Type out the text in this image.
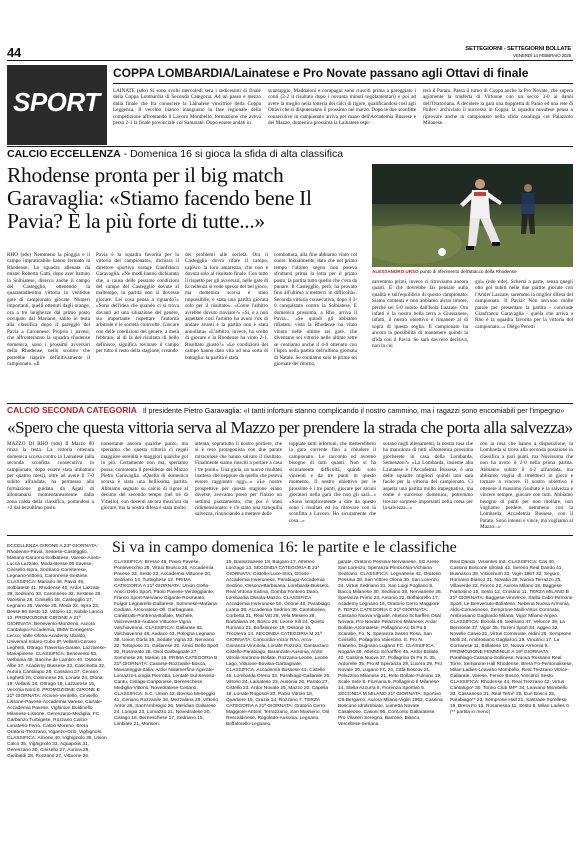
44	SETTEGIORNI - SETTEGIORNI BOLLATE
VENERDÌ 14 FEBBRAIO 2025
SPORT
COPPA LOMBARDIA/Lainatese e Pro Novate passano agli Ottavi di finale
LAINATE (sdo) Si sono svolti mercoledì sera i sedicesimi di finale della Coppa Lombardia di Seconda Categoria. Ad un passo e mezzo dalla finale che fra conoscere la Lainatese vincitrice della Coppa Leggenza. Il vecchio bianco inanguono la fase regionale della competizione affrontando il Lavoro Mombello, formazione che aveva perso 2-1 la finale provinciale col Samaratè. Dopo essere andati in
svantaggio, Maddaloni e compagni sono riusciti prima a pareggiare i conti (2-2 il risultato dopo i novanta minuti regolamentari) e poi ad avere la meglio nella lotteria dei calci di rigore, qualificandosi così agli Ottavi che si disputeranno il prossimo nel marzo. Dopo le due sconfitte consecutive in campionato arriva per mano dell'Accademia Bussese e del Mazzo, domenica prossima la Lainatese ospi-
terà il Parato. Passa il turno di Coppa anche la Pro Novate, che supera agilmente la trasferta di Vittuone con un secco 3-0 ai danni dell'Oratoriana. A decidere la gara una doppietta di Panio ed una rete di Pullev: archiviato il successo in Coppa, la squadra novatese pensa a riprovare anche in campionato nella sfida casalinga col Palazzolo Milanese.
CALCIO ECCELLENZA - Domenica 16 si gioca la sfida di alta classifica
Rhodense pronta per il big match Garavaglia: «Stiamo facendo bene Il Pavia? È la più forte di tutte...»
ALESSANDRO URSO punto di riferimento dell'attacco della Rhodense
RHO (sdo) Nemmeno la pioggia e il campo impraticabile hanno fermato la Rhodense. La squadra allenata da mister Roberto Gatti, dopo aver battuto la Solbiatese, disecca anche il campo del Castegglio, ottenendo la quarantadiesima vittoria in ventidue gare di campionato giocate. Numeri importanti, quelli ottenuti dagli orange, ora a tre lunghezze dal primo posto occupato dal Mariano, salito in testa alla classifica dopo il pareggio del Pavia a Caronnese. Proprio i pavesi, che affronteranno la squadra rhodense domenica, sono i prossimi avversari della Rhodense, nello scontro che potrebbe riaprire definitivamente il campionato. «Il
Pavia è la squadra favorita per la vittoria del campionato», dichiara il direttore sportivo orange Gianfranco Garavaglia. «Ne modi hanno dichiarato che, a causa delle pessime condizioni del campo del Castegglio dovute al maltempo, la partita non si dovesse giocare. Lei cosa pensa a riguardo?» «Sono dell'idea che quando ci si trova davanti ad una situazione del genere, sia importante rispettare l'autorità arbitrale e le società coinvolte. Giocare con delle condizioni del genere, a metà febbraio, al di là del risultato di bello definisce, significa rovinare il campo per tutto il resto della stagione, creando
dei problemi alle società. Ora il Castegglio dovrà rifare il campo, capisco la loro amarezza, che non è dovuta solo al risultato finale. Con tutto il rispetto per gli avversari, nelle gare di Eccellenza si vede spesso del bel gioco, ma domenica scorsa è stato impossibile, e stata una partita giocata solo per il risultato». «Come l'arbitro avrebbe dovuto rinviare?» «Sì, e a non aspettare così l'arbitro ha avuto l'ok di andare avanti e la partita non è stata annullata» «L'arbitro, invece, ha scelto di giocare e la Rhodense ha vinto 2-1. Risultato giusto?» «Le condizioni del campo hanno dato vita ad una sorta di battaglia: la partita è stata
combattuta, alla fine abbiamo vinto col cuore. Inizialmente, dato che nel primo tempo l'ultimo segno non poteva sfruttarsi prima la lotta per il primo posto, la partita tutto quello che c'era da punare. Il Castegglio, però, ha provato fino all'ultimo a metterci in difficoltà». Seconda vittoria consecutiva, dopo il 3-0 conquistato contro la Solbiatese. E domenica prossima, a Rho, arriva il Pavia... «Se quindi gli abbiamo rifiatato, vista la Rhodense ha vinto vinuto nelle ultime sei gare, che diventano sei vittorie nelle ultime sette se contiamo anche il 4-0 ottenuto con l'Ispra nella partita dell'ultima giornata di Natale. Se contiamo solo le prime sei giornate del ritorno,
sarremmo primi, invece ci ritroviamo ancora quarti. E che dovrebbe far pensare sulla qualità e sull'equilibrio di questo campionato. Siamo contenti e non abbiamo alcun timore, perché sei 5-0 subito dall'Isola Lazzate. Ora infatti è la nostra bella terra a Giussanese, infatti, il nostro obiettivo è rimanere al di sopra di questa soglia. Il campionato ha ancora la possibilità di mantenere quindi la sfida con il Pavia. Se sarà davvero decisiva, non in cui
gol» (nde ride). Scherzi a parte, senza quegli otto gol subiti nelle due partite giocate con l'Amler Lazzate, saremmo la miglior difesa del campionato. Il Pavia? Non servono molte parole per presentare la partita - conclude Gianfranco Garavaglia - quella che arriva a Rho è la squadra favorita per la vittoria del campionato...» Diego Perotti
CALCIO SECONDA CATEGORIA Il presidente Pietro Garavaglia: «I tanti infortuni stanno complicando il nostro cammino, ma i ragazzi sono encomiabili per l'impegno»
«Spero che questa vittoria serva al Mazzo per prendere la strada che porta alla salvezza»
MAZZO DI RHO (sdo) Il Mazzo 80 ritiza la testa. La vittoria ottenuta domenica scorsa contro la Lainatese (alla seconda sconfitta consecutiva in campionato, dopo essere stata imbattuta per quattro mesi), oltre ad avere il 7-0 subito all'andata, ha permesso alla formazione guidata da Agati di allontanarsi momentaneamente dalla zona calda della classifica, portandosi a +2 dal terzultimo posto.
nonostante ancora qualche punto, ma speriamo che questa vittoria ci regali maggiore serenità e maggiori qualche gol in più. Certamente non ma, speriamo possa, commenta il presidente del Mazzo Pietro Garavaglia. «Quella di domenica scorsa è stata una bellissima partita. Abbiamo segnato su calcio di rigore al decimo del secondo tempo (nel tre di Vitiello), con docenti ancora mezz'ora da giocare, ma la nostra difesa è stata molto
attenta, soprattutto il nostro portiere, che si è reso protagonista con due parate miracolose che hanno salvato il risultato. Finalmente siamo riusciti a portare a casa i tre punti». Una gioia, un nuovo risultato inatteso che neppure da quello che poteva essere raggiunto oggi...» «Le nostre prospettive per questa stagione erano diverse, avevamo preso per l'inizio un settimo piazzamento, che poi è stato ridimensionato; e c'è stato una tranquilla salvezza, rinunciando a mettere delle
toppiate tanti infortuni, che metterebbero la gara corrente fino a chiudere il campionato. Le racconto ed avremo bisogno di tutti quanti. Non si ha sicuramente difficoltà, quindi solo vincenti e da tre punti in questo momento. Il nostro obiettivo per le prossime è i tre punti, giocare per alcuni giocatori nella gara che non gli sarà...» «Sono semplicemente a dire da questo sono i risultati ed ha ritrovare con la sconfitta a Lavoro. Ho sicuramente che cosa...»
sorano negli allenamenti, la nostra rosa che ha mancanza di tutti «Domenica prossima giocherete in casa della Lombarda, Semenzon?» «La Lombarda, insieme alla Lainatese e l'Accademia Bussese, è una delle squadre migliori quindi non sarà facile per la vittoria del campionato. Ci aspetta una partita molto impegnativa, ma come è successo domenica, potremmo trovare sorprese importanti nella corsa per la salvezza...»
con la rosa che hanno a disposizione, la Lombarda si trova alla seconda posizione in classifica a pari punti, ma Novissima che non ha avuto il 2-0 nella prima partita. Abbiamo subito il 4-2 all'andata, ma abbiamo voglia di rimetterci in gioco e tornare a vincere. Il nostro obiettivo è ottenere il massimo risultato e la salvezza e vincere sempre, giocare con tutti. Abbiamo bisogno di punti per non mollare, non vogliamo perdere, nemmeno con la Lombarda, Accademia Bussese, con il Parato. Sono intensi e vince, ma vogliamo al Mazzo...»
Si va in campo domenica 16: le partite e le classifiche
ECCELLENZA GIRONE A 23ª GIORNATA: Rhodense-Pavia, Sestese-Castegglio, Mariano-Caronno-Solbiatese, Varese-Airolo-Lucca Lazzate, Moda-Besse 96 Savese, Cinisello-Ispra, Sedriano-Corniterese, Legnano-Vittorio, Caronnese-Sestese. CLASSIFICA: Mariano 48, Pavia 45, Solbiatese 41, Rhodense 40, Ardor Lazzate 39, Sedriano 33, Caronnese 32, Sestese 29, Varesina 28, Cinisello 28, Castegglio 27, Legnano 26, Varese 26, Moda 22, Ispra 23, Besse 96 Sesto 12, Vittorio 12, Nobile Lancio 12. PROMOZIONE GIRONE A 21ª GIORNATA: Benevento-Monzeno, Aurora Cantalupo-Accademia, BMW Cenegerro-Lecco, Valle Olona-Academy Ubaldo, Universal Solaro-Cubo IP, Vellanti-Cerano Leghetti, Ottrago Traversia-Garate, Lazzarese-Mariapinese. CLASSIFICA: Benevento 53, Verbania 48, Bacche de Lambro 40, Ossona Albe 37, Academy Bussese 33, Cascinetta 32, Aurora Cantalupo 28, Cassano 27, Cerano Leghetti 26, Colonnese 25, Lonate 24, Olona 19, Vellanti 18, Ottrago 18, Lazzarese 15, Vecchia Nord 8. PROMOZIONE GIRONE B 21ª GIORNATA: Alcione-Verdello, Cinisello Lissone-Pavese-Accademia Varese, Cairate-Accademia Pavese, Vighinion Boldinello Milanese-Lissone, Gerenzano-Mediglia, FC Garbanzo Turbigese, Rozzano Calcio-Lunaterio-Ferro, Calcio Moreno, Brera Oratorio-Trezzano, Viganzo-Orio, Vighignolo. CLASSIFICA: Alcione 40, Vighignolo 36, Union Calco 35, Vighignolo 33, Aquapolis 31, Gerenzano 30, Cinisello 27, Aurora 29, Garibaldi 28, Rozzano 27, Vittuone 26.
CLASSIFICA: Bresso 48, Paolo Pavese, Pontevecchio 26, Vittuo Brusco 25, Accademia Pavese 23, Sesto 22, Accademia Vittuone 20, Sedriano 14, Turbighese 12. PRIMA CATEGORIA A 21ª GIORNATA: Union Gorla-Amici Dello Sport, Paolo Pavese-Verdeggiante, Franco Sport-Nerviano Gigante-Rosmeato, Fulgor Legnarello-Gallarese, Sommese-Mariana-Cedrate, Arconatese-Oll. Garbagnate, Canistratti-Pontrena-Bollate, Michele, Valcrevestra-Audace Vittuone-Vigna Valchiavenna. CLASSIFICA: Gallarate 62, Valchiavenna 48, Audace 43, Pologna Legnano 38, Union Gorla 36, Sedate Vigna 33, Nerviano 32, Tottoposo 31, Gallarese 30, Amici Dello Sport 30, Rosmeato 28, Osol Garbagnate 27, Sommese 26, Marian 16. PRIMA CATEGORIA B 21ª GIORNATA: Casarse-Rozzanile-Bosca, Mavianeggia-Italia, Ardor Nalamerfino-Agerate-Lomazzo-Lonigia Pierrotta, Lentate Sul Seveso-Cantu, Cislago-Cariponese, Berneschese, Mediglia-Vittorio, Novedratese-Cesano. CLASSIFICA: S.C. Union 42, Bovisio Meneggio 41, Ceriano Rozzanile 36, Mezzalana 29, Vittorio Ardor 26, Sant'Ambrogio 26, Meridian Gallarese 24, Lonigia 23, Lomazzo 21, Novedratese 20, Cislago 18, Berneschese 17, Sedriano 15, Limbiate 21, Moriseri.
15, Bareizzanese 18, Bulgaro 17, Alfetreo Lonzago 13. SECONDA CATEGORIA B 21ª GIORNATA: Cistello-Luce-Intra, Orione-Accademia Inverunese, Parabiago-Accademia Sedrino, Ossona-Barbaiana, Lombarda-Busseto, Real Vittona Sixtina, Gomba Fonteno Dario, Lombardia Ossola-Mazzo. CLASSIFICA: Accademia Inverunese 50, Orione 48, Parabiago Loana 38, Accademia Sedrino 39, Cantobolieo, Corbetta 31, Real Vitt 29, Vela Mesero 28, Barbaiana 24, Bosco 28, Leone Xill 24, Quinto Romano 21, Boffalorese 19, Ossona 16, Tricoterra 14. SECONDA CATEGORIA M 21ª GIORNATA: Concordia-Victor Rho, Arca-Gioranza-Vinnitola, Lonate Pozzolo, Cantanzaro Cistello-Parabiago, Baranzate-Ausonia, Ardor Vitrola-Saronno-Bollate, Rozzano-Leone, Leone Lago, Vittuone-Bovisia-Garbagnate. CLASSIFICA: Accademia Bussese 43, Cistello 45, Lombarda Oreno 33, Parabiago-Gallarate 26, Vittorio 24, Lainatese 23, Ausonia 26, Parato 27, Cistello 23, Ardor Novate 25, Mazzo 20, Capella 19, Lonate Rogosoli 20, Paolo Vitrolo 18, Quartiere 15, Grazia 14, Rozzano 7. TERZA CATEGORIA A 21ª GIORNATA: Oratorio Cerro Maggiore-Antoni, Terrazzano, San Masseno, Osl Rescaldinese, Rogoledo-Ausonia, Legnano, Boffalorello-Legnano.
garate, Oratorio Pessina-Nervianese, SG Arese San Lorenzo, Speranza Pimocchia-Vichiana Sedriano. CLASSIFICA: Legnanese 42, Oratorio Pessina 38, San Vittore Olona 30, San Lorenzo 34, Virtus Sedriano 31, San Luigi Pogliano 8, Bacco Milanese 30, Sedriano 28, Nervianese 26, Speranza Primo 23, Antonio 22, Boffalorello 17, Academy Legnano 16, Oratorio Cerro Maggiore 8. TERZA CATEGORIA C 21ª GIORNATA: Cassano Nuova Vignate, Altetico Scharffen Osal Novara, Pro Novate Pelazzino Milanese, Ardor Bollate-Arconatese, Pollagrino Ac Di Pa 5 Scarabe, Fo, N. Speranza Sasso Rosa, San Cinisello, Pollagrino Valentino, S. Pro N. Rainerio, Dugnano Lugano FC. CLASSIFICA: Nogaria 48, Atletico Scharffen 45, Ardor Bollate 40, Cassina Nuova 37, Pollagrino Di Pa S. 35, Ardorelle 35, Pro M Speranza 29, Lucera 29, Pro Novate 30, Lugano FC 24, Città Boscov 21, Pelazzino Milanese 21, Rete Bollate-Fulmino 19, Scale Sete 8. Fiumana 9, Pollagrino Il Milanese 14, Stella Azzurra 8, Fiorenza Sportivo 5. SECONDA M MILANO 21ª GIORNATA: Sportivo C8-Bergamo, Aurora Milano-Viglin 1962, Cassina Boscone Idrolimbiate, Lumetta Novate Casaleone, Casoni 96, Concorso Gallaratese, Pro Vilaneri Seregno, Barrone, Bianco, Vercellese-Seriana.
Real Dando, Visiontes Ind. CLASSIFICA: Cas 40, Cassino Boscone Idrolab 42, Sereno Real Dando 41, Busnasco 38, Visionhum 33, Vigin 1967 32, Seguro, Romanio Bianco 31, Novatia 29, Nuova Terrazzo 25, Villaverde 22, Fiocco 22, Aurora Milano 18, Baggese Pantonino 15, Sesto 12, Crostino 11. TERZA MILANO B 21ª GIORNATA: Baggese-Vinnitrice, Stella Cabo-Pirmone Sport, Le Benvenuto-Bollatese, Nebena Nuova Armonia, Aldo-Comasinese, Semprone Malli-Virtus Coronata, Ambrosiano Gagliardo Milana, Vigor Milano-Argeo. CLASSIFICA: Bonola 48, Sedriano 47, Velocce 38, La Bennonte 37, Vigor 35, Torreni Sport 34, Aggeo 32, Novelle Calvio 31, Virtus Comonate, Aldini 25, Semprone Molli 24, Ambrosiano Gagliaroci 19, Vincitrici 17, La Cornarese 11, Bollatese 10, Nuova Armonia 9. PROMOZIONE FEMMINILE A 19ª GIORNATA: Parabiago-Cassano-Sollinese, Nuova Rossano Real Torre, Semprone Hall Rhodense, Brera Fo-Personalisese, Milan Ladies-Leavano Mombello, Real Trezzano Vitrice-Gallarate, Varese, Fenice Bosco, Vincitrici Sesto. CLASSIFICA: Rhodense 44, Real Trezzano 42, Virtus Cantalupo* 30, Torino Club MP* 34, Leavano Mombello 33, Cassanese 31, Real Terni* 28, Euri Bosco 25, Parabiago** 23, Semprone Hall 21, Sastrade Sorellese 19, Brera Fo 16, Rosanessa 11, Sesto 8, Milan Ladies 0. (** partita in meno)
